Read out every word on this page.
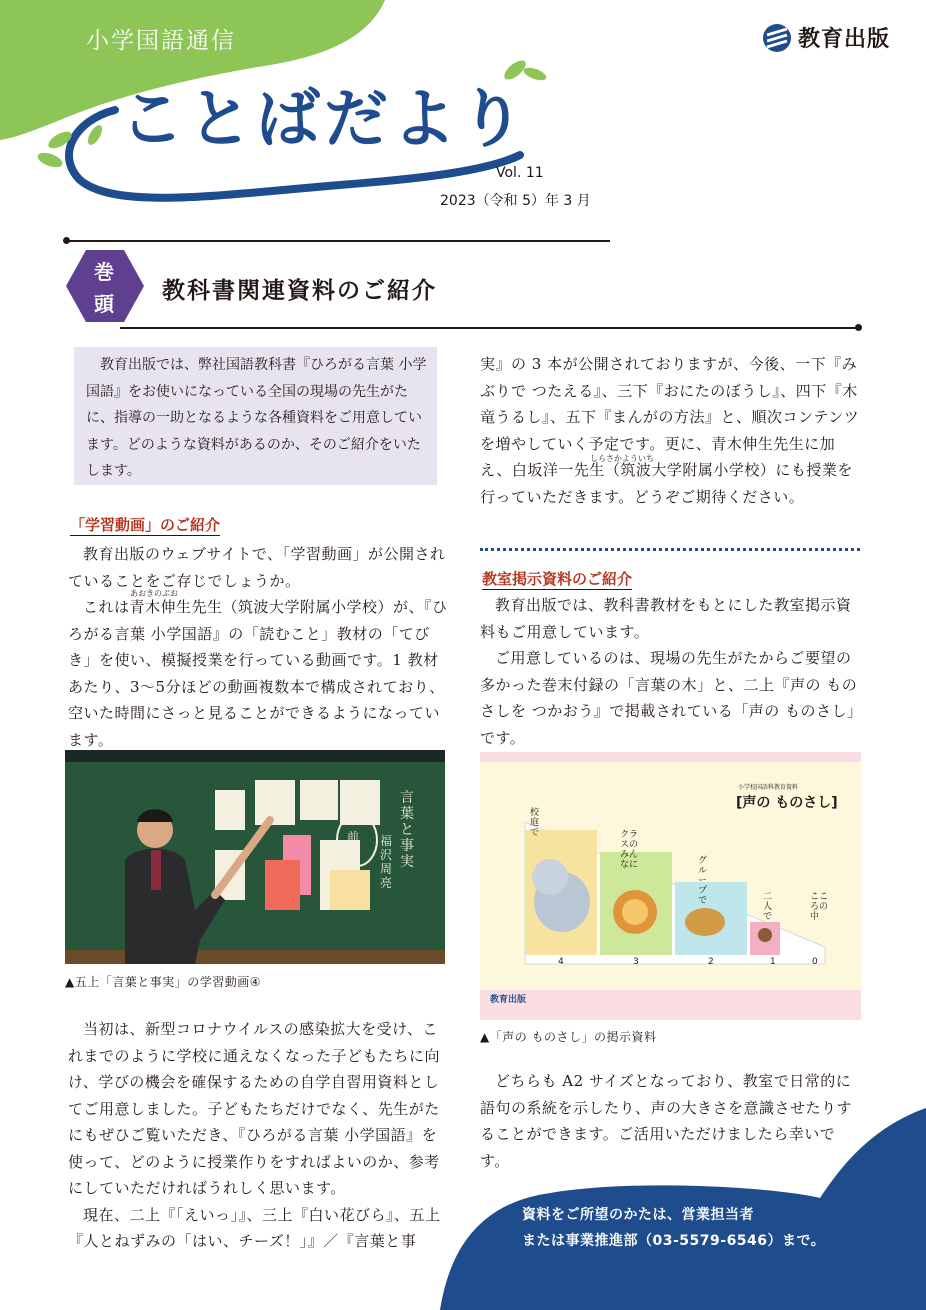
小学国語通信
ことばだより
Vol. 11
2023（令和 5）年 3 月
教育出版
巻
頭	教科書関連資料のご紹介

教育出版では、弊社国語教科書『ひろがる言葉 小学国語』をお使いになっている全国の現場の先生がたに、指導の一助となるような各種資料をご用意しています。どのような資料があるのか、そのご紹介をいたします。

「学習動画」のご紹介

教育出版のウェブサイトで、「学習動画」が公開されていることをご存じでしょうか。

これは青木伸生先生（筑波大学附属小学校）が、『ひろがる言葉 小学国語』の「読むこと」教材の「てびき」を使い、模擬授業を行っている動画です。1 教材あたり、3～5分ほどの動画複数本で構成されており、空いた時間にさっと見ることができるようになっています。

あおきのぶお
言葉と事実
福沢周亮
前提
▲五上「言葉と事実」の学習動画④

当初は、新型コロナウイルスの感染拡大を受け、これまでのように学校に通えなくなった子どもたちに向け、学びの機会を確保するための自学自習用資料としてご用意しました。子どもたちだけでなく、先生がたにもぜひご覧いただき、『ひろがる言葉 小学国語』を使って、どのように授業作りをすればよいのか、参考にしていただければうれしく思います。

現在、二上『「えいっ」』、三上『白い花びら』、五上『人とねずみの「はい、チーズ！」』／『言葉と事

実』の 3 本が公開されておりますが、今後、一下『みぶりで つたえる』、三下『おにたのぼうし』、四下『木竜うるし』、五下『まんがの方法』と、順次コンテンツを増やしていく予定です。更に、青木伸生先生に加え、白坂洋一先生（筑波大学附属小学校）にも授業を行っていただきます。どうぞご期待ください。

しらさかよういち
教室掲示資料のご紹介

教育出版では、教科書教材をもとにした教室掲示資料もご用意しています。

ご用意しているのは、現場の先生がたからご要望の多かった巻末付録の「言葉の木」と、二上『声の ものさしを つかおう』で掲載されている「声の ものさし」です。

小学校国語科教育資料
[声の ものさし]
校庭で	クラスのみんなに	グループで	二人で
こころの中
4	3	2	1	0
教育出版
▲「声の ものさし」の掲示資料

どちらも A2 サイズとなっており、教室で日常的に語句の系統を示したり、声の大きさを意識させたりすることができます。ご活用いただけましたら幸いです。

資料をご所望のかたは、営業担当者
または事業推進部（03-5579-6546）まで。
